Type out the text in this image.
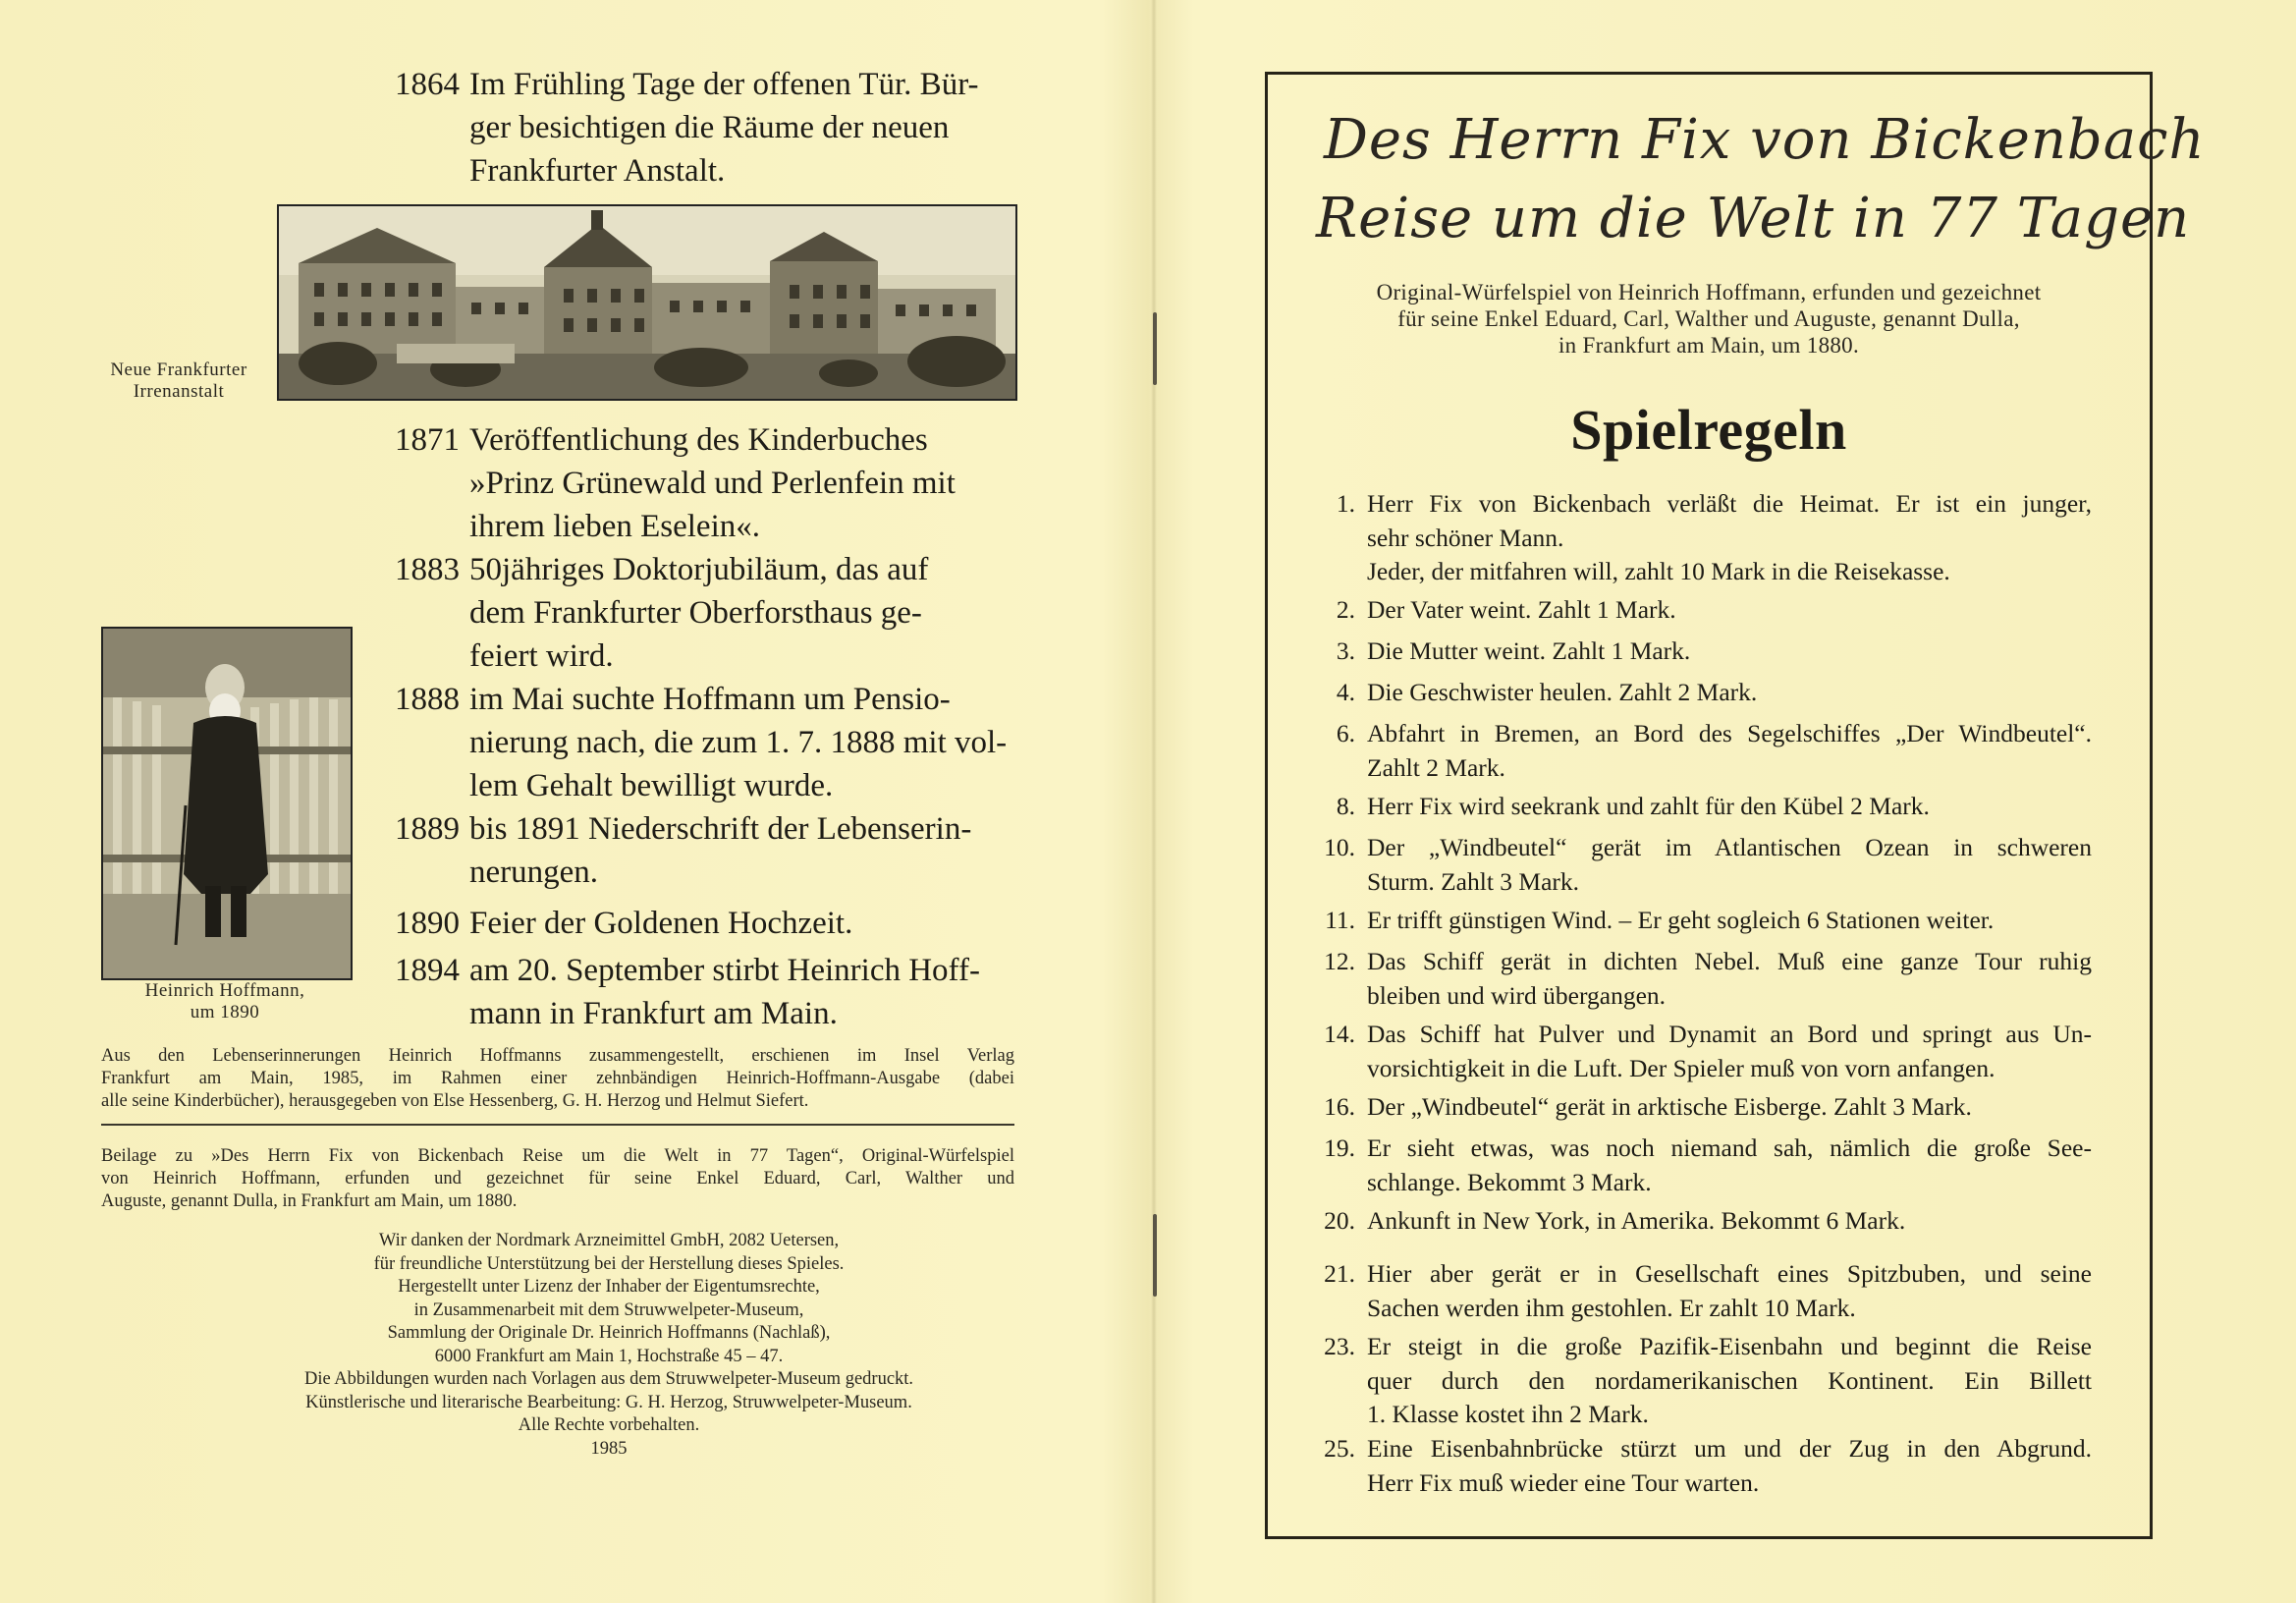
1864 Im Frühling Tage der offenen Tür. Bür-
ger besichtigen die Räume der neuen
Frankfurter Anstalt.
Neue Frankfurter
Irrenanstalt
1871 Veröffentlichung des Kinderbuches
»Prinz Grünewald und Perlenfein mit
ihrem lieben Eselein«.
1883 50jähriges Doktorjubiläum, das auf
dem Frankfurter Oberforsthaus ge-
feiert wird.
1888 im Mai suchte Hoffmann um Pensio-
nierung nach, die zum 1. 7. 1888 mit vol-
lem Gehalt bewilligt wurde.
1889 bis 1891 Niederschrift der Lebenserin-
nerungen.
1890 Feier der Goldenen Hochzeit.
1894 am 20. September stirbt Heinrich Hoff-
mann in Frankfurt am Main.
Heinrich Hoffmann,
um 1890
Aus den Lebenserinnerungen Heinrich Hoffmanns zusammengestellt, erschienen im Insel Verlag
Frankfurt am Main, 1985, im Rahmen einer zehnbändigen Heinrich-Hoffmann-Ausgabe (dabei
alle seine Kinderbücher), herausgegeben von Else Hessenberg, G. H. Herzog und Helmut Siefert.
Beilage zu »Des Herrn Fix von Bickenbach Reise um die Welt in 77 Tagen“, Original-Würfelspiel
von Heinrich Hoffmann, erfunden und gezeichnet für seine Enkel Eduard, Carl, Walther und
Auguste, genannt Dulla, in Frankfurt am Main, um 1880.
Wir danken der Nordmark Arzneimittel GmbH, 2082 Uetersen,
für freundliche Unterstützung bei der Herstellung dieses Spieles.
Hergestellt unter Lizenz der Inhaber der Eigentumsrechte,
in Zusammenarbeit mit dem Struwwelpeter-Museum,
Sammlung der Originale Dr. Heinrich Hoffmanns (Nachlaß),
6000 Frankfurt am Main 1, Hochstraße 45 – 47.
Die Abbildungen wurden nach Vorlagen aus dem Struwwelpeter-Museum gedruckt.
Künstlerische und literarische Bearbeitung: G. H. Herzog, Struwwelpeter-Museum.
Alle Rechte vorbehalten.
1985
Des Herrn Fix von Bickenbach
Reise um die Welt in 77 Tagen
Original-Würfelspiel von Heinrich Hoffmann, erfunden und gezeichnet
für seine Enkel Eduard, Carl, Walther und Auguste, genannt Dulla,
in Frankfurt am Main, um 1880.
Spielregeln
1. Herr Fix von Bickenbach verläßt die Heimat. Er ist ein junger,
sehr schöner Mann.
Jeder, der mitfahren will, zahlt 10 Mark in die Reisekasse.
2. Der Vater weint. Zahlt 1 Mark.
3. Die Mutter weint. Zahlt 1 Mark.
4. Die Geschwister heulen. Zahlt 2 Mark.
6. Abfahrt in Bremen, an Bord des Segelschiffes „Der Windbeutel“.
Zahlt 2 Mark.
8. Herr Fix wird seekrank und zahlt für den Kübel 2 Mark.
10. Der „Windbeutel“ gerät im Atlantischen Ozean in schweren
Sturm. Zahlt 3 Mark.
11. Er trifft günstigen Wind. – Er geht sogleich 6 Stationen weiter.
12. Das Schiff gerät in dichten Nebel. Muß eine ganze Tour ruhig
bleiben und wird übergangen.
14. Das Schiff hat Pulver und Dynamit an Bord und springt aus Un-
vorsichtigkeit in die Luft. Der Spieler muß von vorn anfangen.
16. Der „Windbeutel“ gerät in arktische Eisberge. Zahlt 3 Mark.
19. Er sieht etwas, was noch niemand sah, nämlich die große See-
schlange. Bekommt 3 Mark.
20. Ankunft in New York, in Amerika. Bekommt 6 Mark.
21. Hier aber gerät er in Gesellschaft eines Spitzbuben, und seine
Sachen werden ihm gestohlen. Er zahlt 10 Mark.
23. Er steigt in die große Pazifik-Eisenbahn und beginnt die Reise
quer durch den nordamerikanischen Kontinent. Ein Billett
1. Klasse kostet ihn 2 Mark.
25. Eine Eisenbahnbrücke stürzt um und der Zug in den Abgrund.
Herr Fix muß wieder eine Tour warten.
